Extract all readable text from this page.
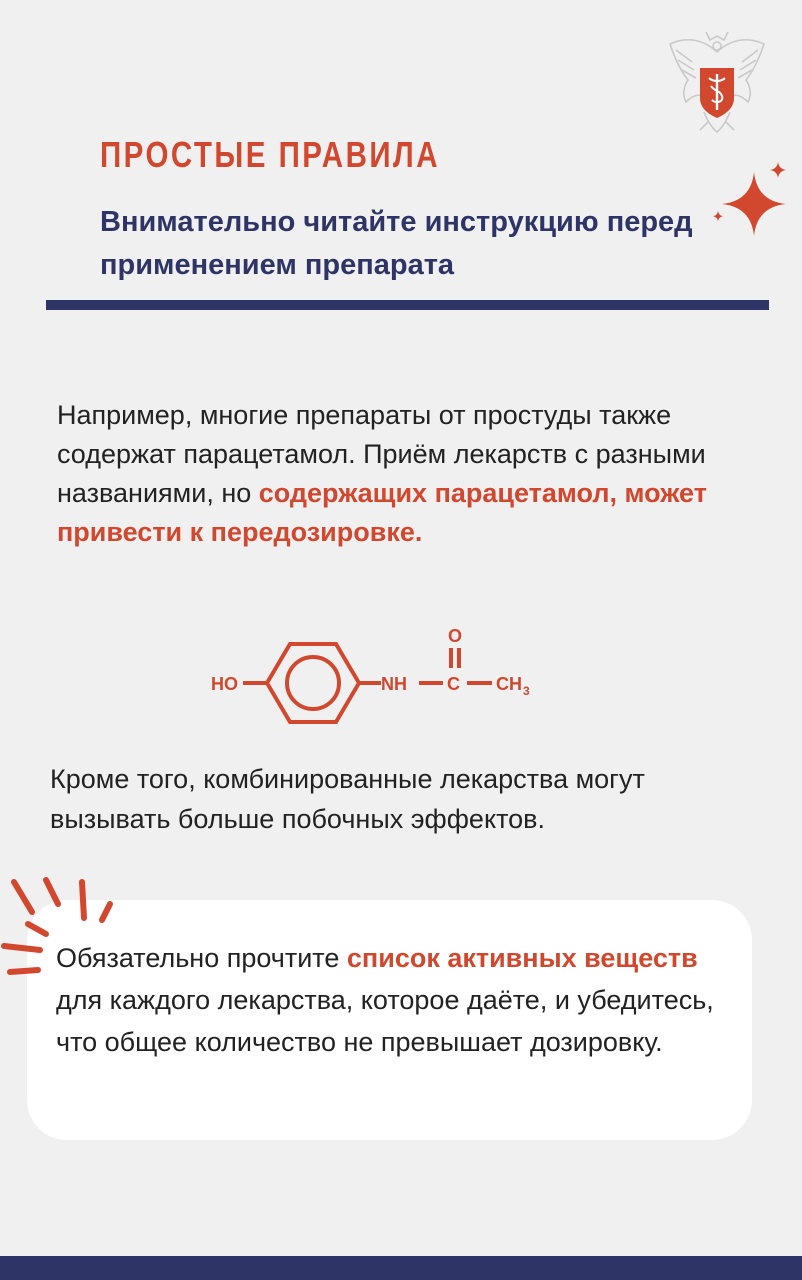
ПРОСТЫЕ ПРАВИЛА
Внимательно читайте инструкцию перед применением препарата
Например, многие препараты от простуды также содержат парацетамол. Приём лекарств с разными названиями, но содержащих парацетамол, может привести к передозировке.
HO	NH C
O
CH 3
Кроме того, комбинированные лекарства могут вызывать больше побочных эффектов.
Обязательно прочтите список активных веществ для каждого лекарства, которое даёте, и убедитесь, что общее количество не превышает дозировку.
